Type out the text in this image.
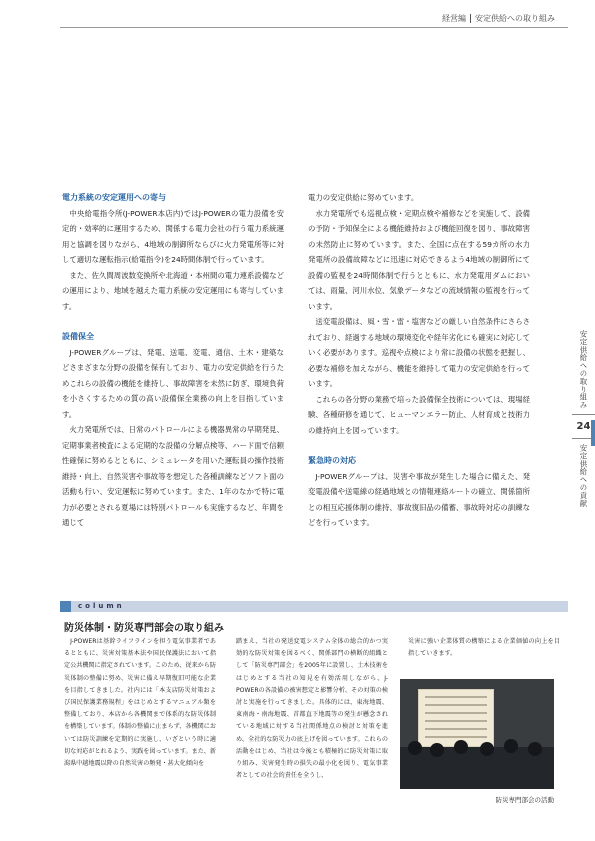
経営編 安定供給への取り組み
電力系統の安定運用への寄与

中央給電指令所(J-POWER本店内)ではJ-POWERの電力設備を安定的・効率的に運用するため、関係する電力会社の行う電力系統運用と協調を図りながら、4地域の制御所ならびに火力発電所等に対して適切な運転指示(給電指令)を24時間体制で行っています。

また、佐久間周波数変換所や北海道・本州間の電力連系設備などの運用により、地域を越えた電力系統の安定運用にも寄与しています。

設備保全

J-POWERグループは、発電、送電、変電、通信、土木・建築などさまざまな分野の設備を保有しており、電力の安定供給を行うためこれらの設備の機能を維持し、事故障害を未然に防ぎ、環境負荷を小さくするための質の高い設備保全業務の向上を目指しています。

火力発電所では、日常のパトロールによる機器異常の早期発見、定期事業者検査による定期的な設備の分解点検等、ハード面で信頼性確保に努めるとともに、シミュレータを用いた運転員の操作技術維持・向上、自然災害や事故等を想定した各種訓練などソフト面の活動も行い、安定運転に努めています。また、1年のなかで特に電力が必要とされる夏場には特別パトロールも実施するなど、年間を通じて

電力の安定供給に努めています。

水力発電所でも巡視点検・定期点検や補修などを実施して、設備の予防・予知保全による機能維持および機能回復を図り、事故障害の未然防止に努めています。また、全国に点在する59カ所の水力発電所の設備故障などに迅速に対応できるよう4地域の制御所にて設備の監視を24時間体制で行うとともに、水力発電用ダムにおいては、雨量、河川水位、気象データなどの流域情報の監視を行っています。

送変電設備は、風・雪・雷・塩害などの厳しい自然条件にさらされており、経過する地域の環境変化や経年劣化にも確実に対応していく必要があります。巡視や点検により常に設備の状態を把握し、必要な補修を加えながら、機能を維持して電力の安定供給を行っています。

これらの各分野の業務で培った設備保全技術については、現場経験、各種研修を通じて、ヒューマンエラー防止、人材育成と技術力の維持向上を図っています。

緊急時の対応

J-POWERグループは、災害や事故が発生した場合に備えた、発変電設備や送電線の経過地域との情報連絡ルートの確立、関係箇所との相互応援体制の維持、事故復旧品の備蓄、事故時対応の訓練などを行っています。

安定供給への取り組み
24
安定供給への貢献
column
防災体制・防災専門部会の取り組み

J-POWERは基幹ライフラインを担う電気事業者であるとともに、災害対策基本法や国民保護法において指定公共機関に指定されています。このため、従来から防災体制の整備に努め、災害に備え早期復旧可能な企業を目指してきました。社内には「本支店防災対策および国民保護業務規程」をはじめとするマニュアル類を整備しており、本店から各機関まで体系的な防災体制を構築しています。体制の整備に止まらず、各機関においては防災訓練を定期的に実施し、いざという時に適切な対応がとれるよう、実践を図っています。また、新潟県中越地震以降の自然災害の頻発・甚大化傾向を

踏まえ、当社の発送変電システム全体の総合的かつ実効的な防災対策を図るべく、関係部門の横断的組織として「防災専門部会」を2005年に設置し、土木技術をはじめとする当社の知見を有効活用しながら、J-POWERの各設備の被害想定と影響分析、その対策の検討と実施を行ってきました。具体的には、東海地震、東南海・南海地震、首都直下地震等の発生が懸念されている地域に対する当社関係地点の検討と対策を進め、全社的な防災力の底上げを図っています。これらの活動をはじめ、当社は今後とも積極的に防災対策に取り組み、災害発生時の損失の最小化を図り、電気事業者としての社会的責任を全うし、

災害に強い企業体質の構築による企業価値の向上を目指していきます。

防災専門部会の活動
